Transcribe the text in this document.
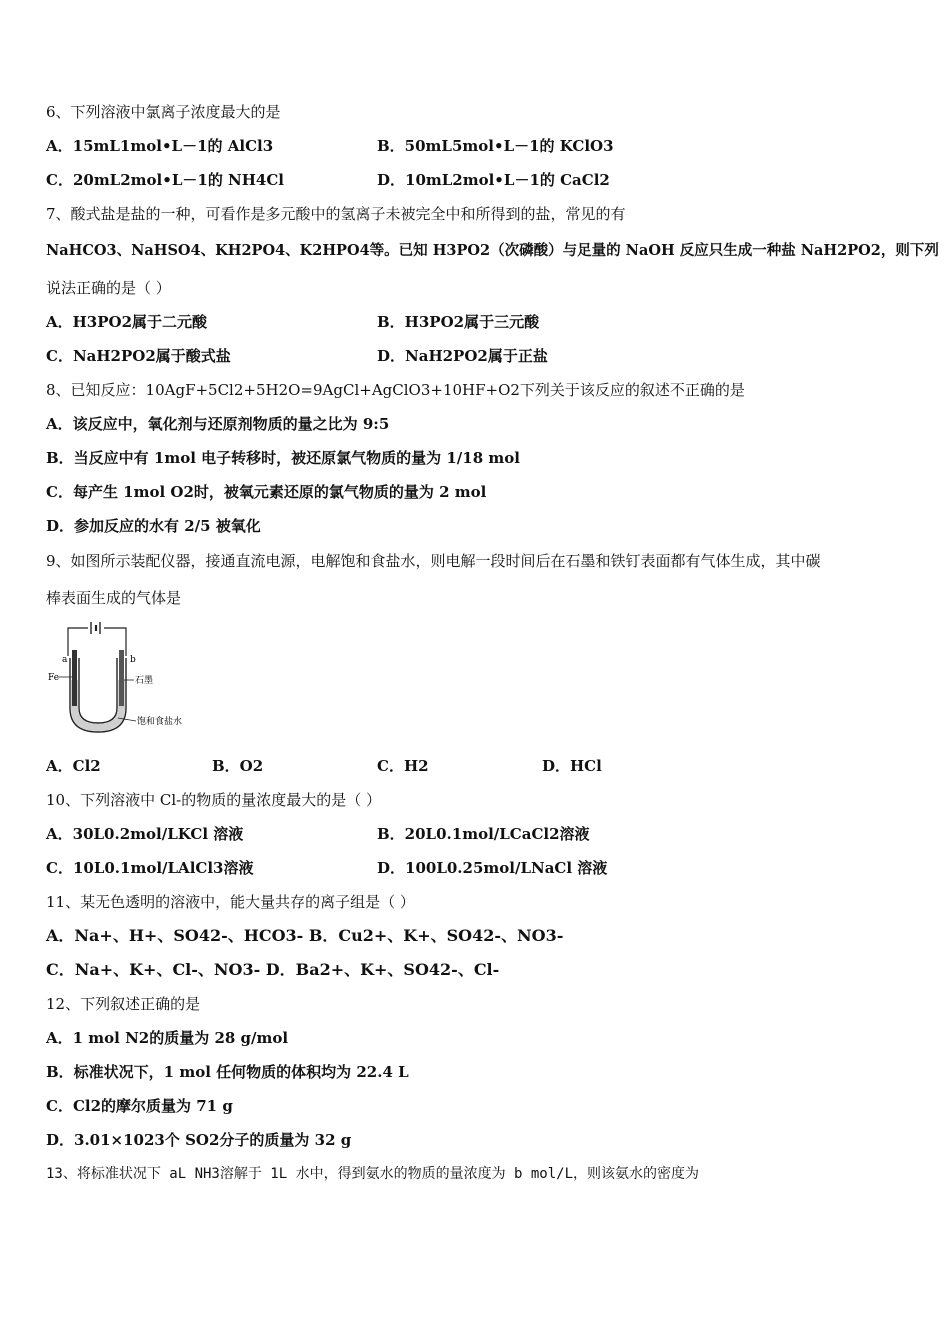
6、下列溶液中氯离子浓度最大的是
A．15mL1mol•L－1的 AlCl3	B．50mL5mol•L－1的 KClO3
C．20mL2mol•L－1的 NH4Cl	D．10mL2mol•L－1的 CaCl2
7、酸式盐是盐的一种，可看作是多元酸中的氢离子未被完全中和所得到的盐，常见的有
NaHCO3、NaHSO4、KH2PO4、K2HPO4等。已知 H3PO2（次磷酸）与足量的 NaOH 反应只生成一种盐 NaH2PO2，则下列
说法正确的是（ ）
A．H3PO2属于二元酸	B．H3PO2属于三元酸
C．NaH2PO2属于酸式盐	D．NaH2PO2属于正盐
8、已知反应：10AgF+5Cl2+5H2O=9AgCl+AgClO3+10HF+O2下列关于该反应的叙述不正确的是
A．该反应中，氧化剂与还原剂物质的量之比为 9:5
B．当反应中有 1mol 电子转移时，被还原氯气物质的量为 1/18 mol
C．每产生 1mol O2时，被氧元素还原的氯气物质的量为 2 mol
D．参加反应的水有 2/5 被氧化
9、如图所示装配仪器，接通直流电源，电解饱和食盐水，则电解一段时间后在石墨和铁钉表面都有气体生成，其中碳
棒表面生成的气体是
a	b
Fe	石墨
饱和食盐水
A．Cl2	B．O2	C．H2	D．HCl
10、下列溶液中 Cl-的物质的量浓度最大的是（ ）
A．30L0.2mol/LKCl 溶液	B．20L0.1mol/LCaCl2溶液
C．10L0.1mol/LAlCl3溶液	D．100L0.25mol/LNaCl 溶液
11、某无色透明的溶液中，能大量共存的离子组是（ ）
A．Na+、H+、SO42-、HCO3- B．Cu2+、K+、SO42-、NO3-
C．Na+、K+、Cl-、NO3- D．Ba2+、K+、SO42-、Cl-
12、下列叙述正确的是
A．1 mol N2的质量为 28 g/mol
B．标准状况下，1 mol 任何物质的体积均为 22.4 L
C．Cl2的摩尔质量为 71 g
D．3.01×1023个 SO2分子的质量为 32 g
13、将标准状况下 aL NH3溶解于 1L 水中，得到氨水的物质的量浓度为 b mol/L，则该氨水的密度为
